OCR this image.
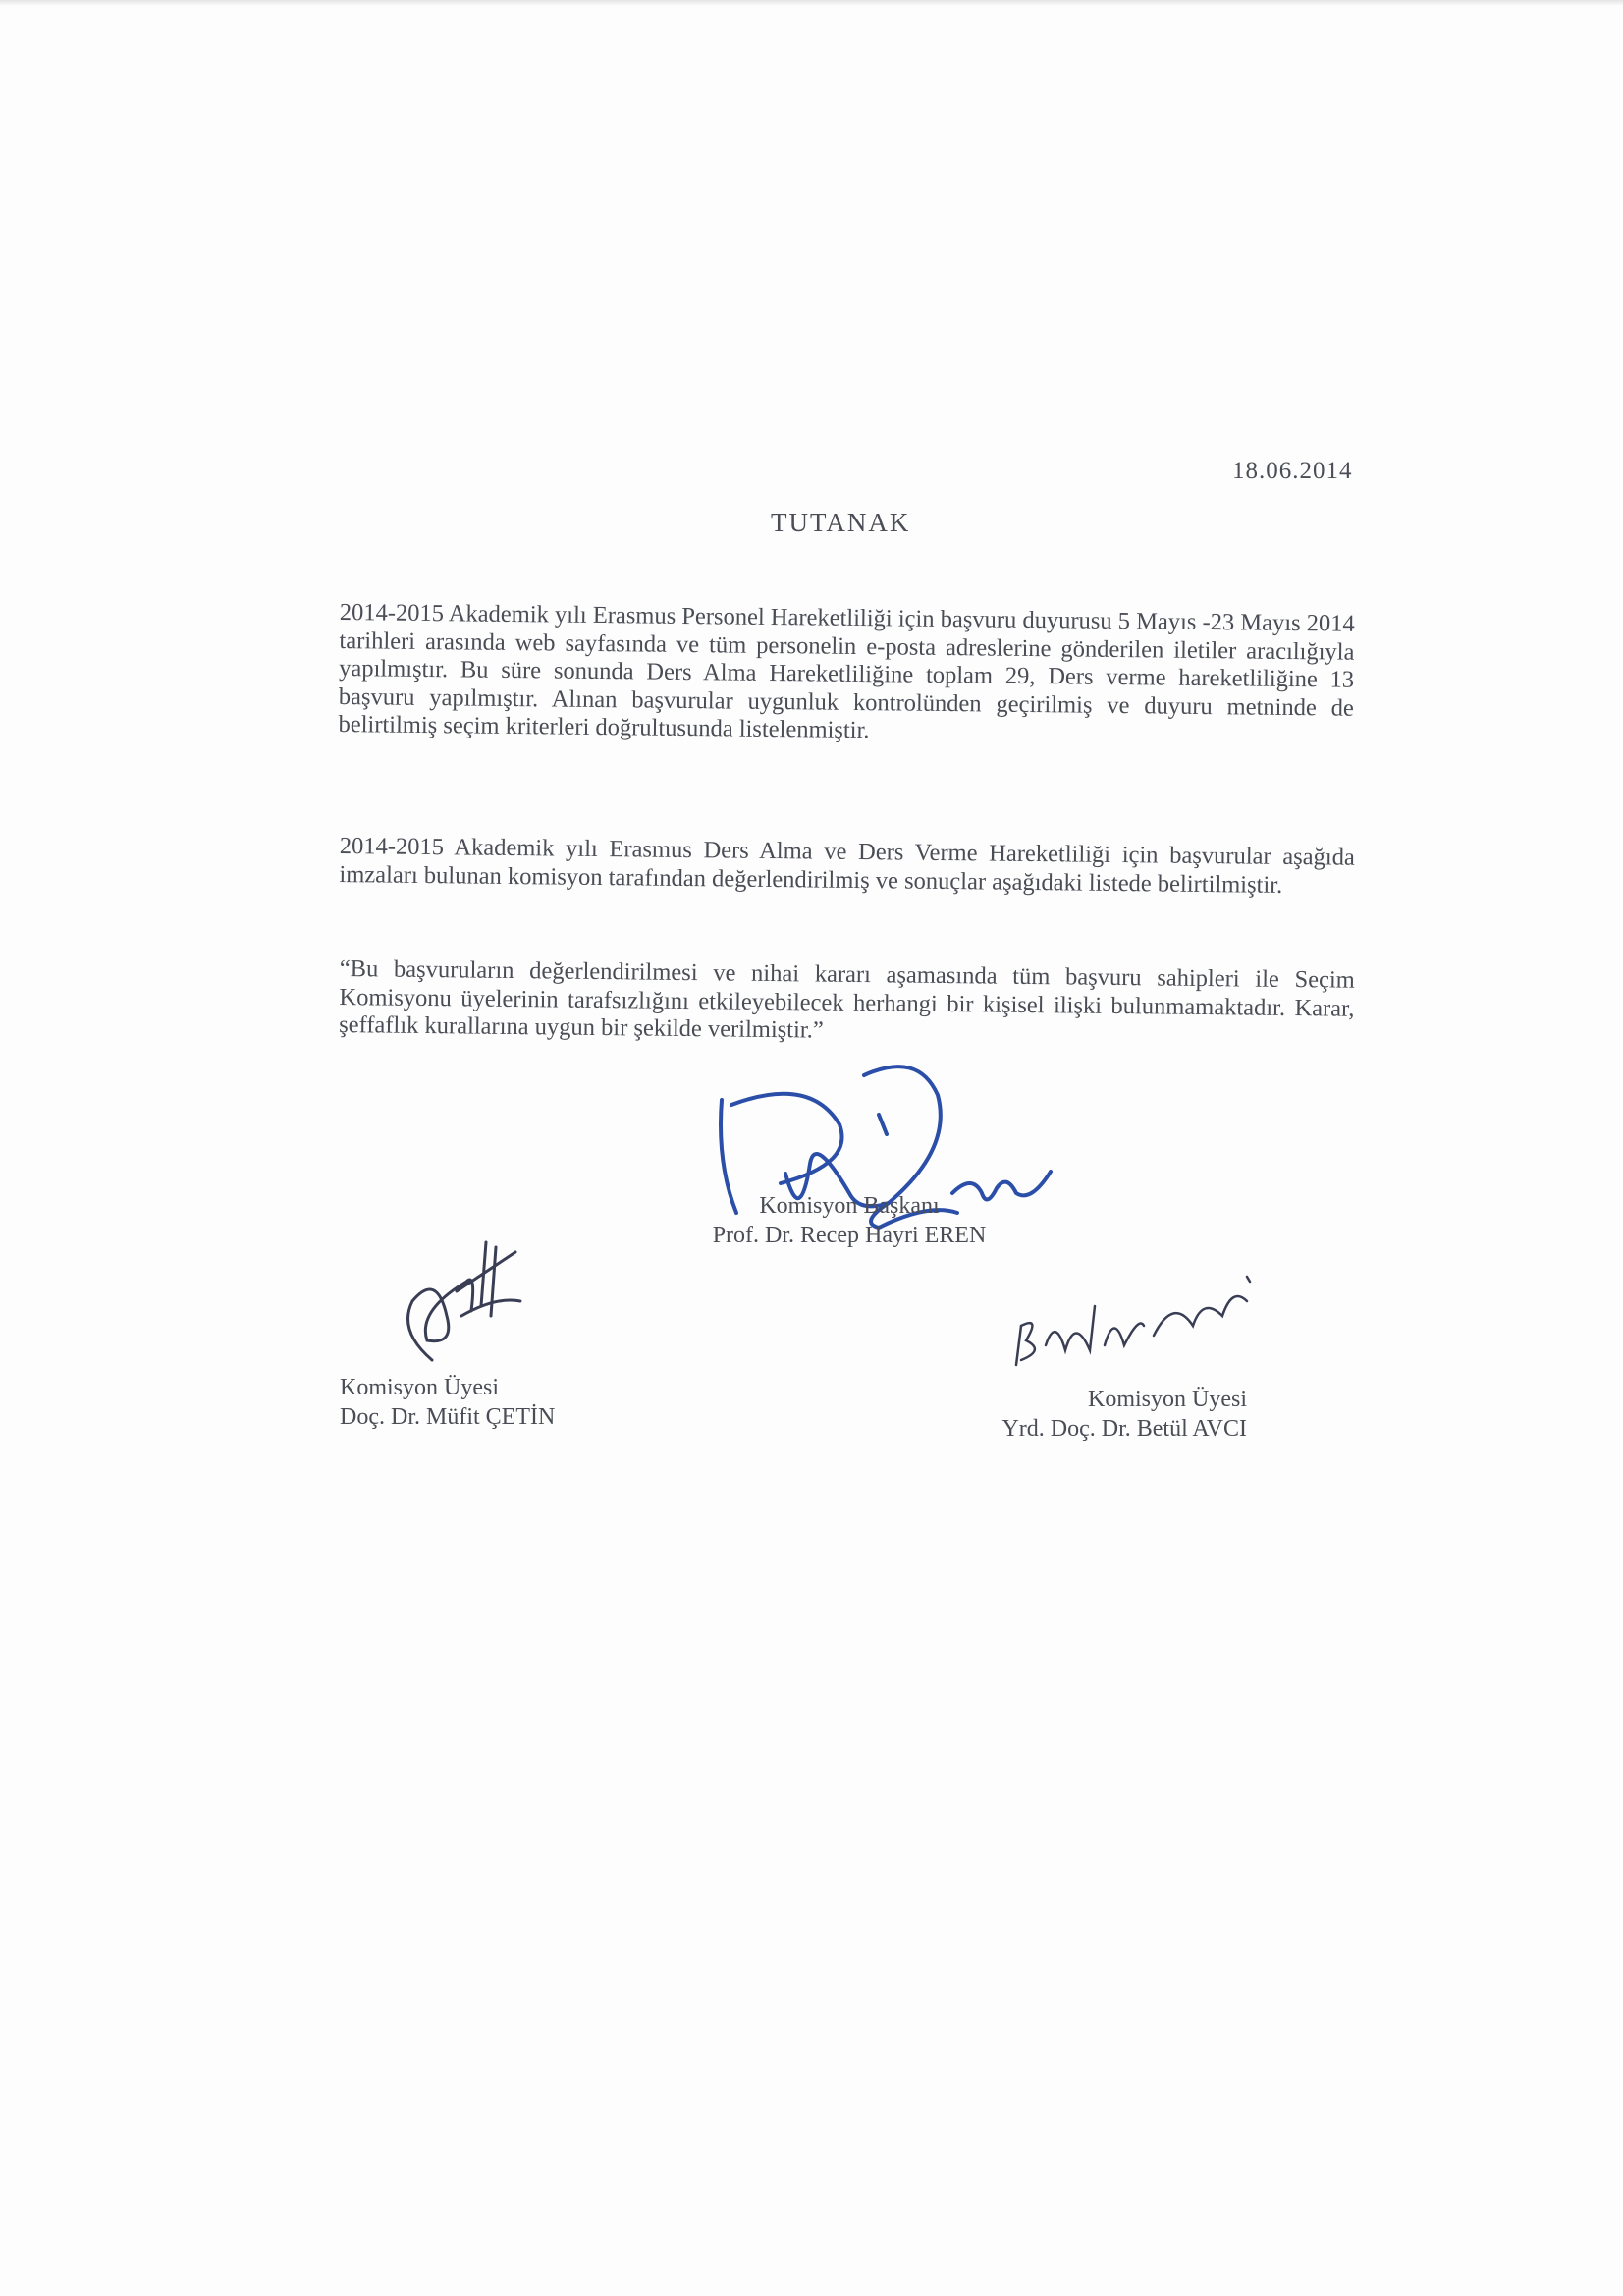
18.06.2014
TUTANAK
2014-2015 Akademik yılı Erasmus Personel Hareketliliği için başvuru duyurusu 5 Mayıs -23 Mayıs 2014 tarihleri arasında web sayfasında ve tüm personelin e-posta adreslerine gönderilen iletiler aracılığıyla yapılmıştır. Bu süre sonunda Ders Alma Hareketliliğine toplam 29, Ders verme hareketliliğine 13 başvuru yapılmıştır. Alınan başvurular uygunluk kontrolünden geçirilmiş ve duyuru metninde de belirtilmiş seçim kriterleri doğrultusunda listelenmiştir.
2014-2015 Akademik yılı Erasmus Ders Alma ve Ders Verme Hareketliliği için başvurular aşağıda imzaları bulunan komisyon tarafından değerlendirilmiş ve sonuçlar aşağıdaki listede belirtilmiştir.
“Bu başvuruların değerlendirilmesi ve nihai kararı aşamasında tüm başvuru sahipleri ile Seçim Komisyonu üyelerinin tarafsızlığını etkileyebilecek herhangi bir kişisel ilişki bulunmamaktadır. Karar, şeffaflık kurallarına uygun bir şekilde verilmiştir.”
Komisyon Başkanı
Prof. Dr. Recep Hayri EREN
Komisyon Üyesi
Doç. Dr. Müfit ÇETİN
Komisyon Üyesi
Yrd. Doç. Dr. Betül AVCI
